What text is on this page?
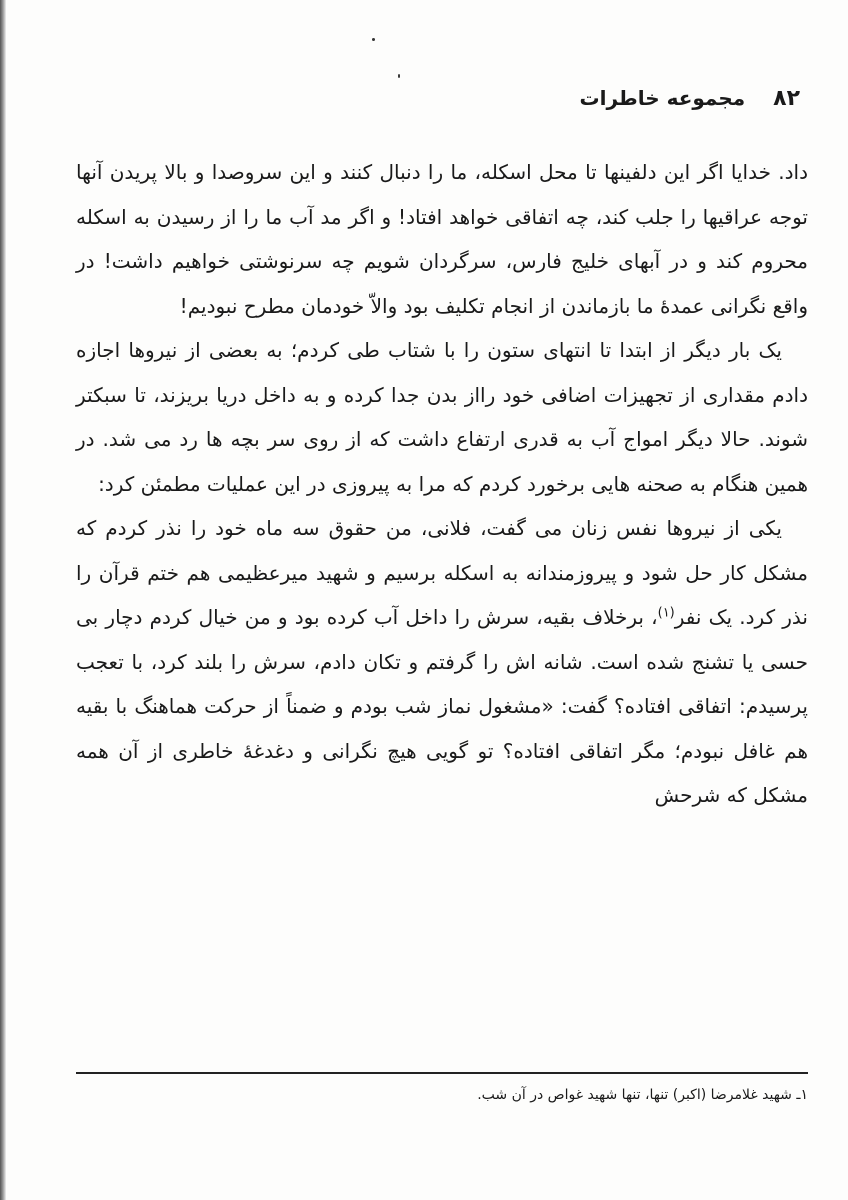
۸۲
مجموعه خاطرات

داد. خدایا اگر این دلفینها تا محل اسکله، ما را دنبال کنند و این سروصدا و بالا پریدن آنها توجه عراقیها را جلب کند، چه اتفاقی خواهد افتاد! و اگر مد آب ما را از رسیدن به اسکله محروم کند و در آبهای خلیج فارس، سرگردان شویم چه سرنوشتی خواهیم داشت! در واقع نگرانی عمدهٔ ما بازماندن از انجام تکلیف بود والاّ خودمان مطرح نبودیم!

یک بار دیگر از ابتدا تا انتهای ستون را با شتاب طی کردم؛ به بعضی از نیروها اجازه دادم مقداری از تجهیزات اضافی خود رااز بدن جدا کرده و به داخل دریا بریزند، تا سبکتر شوند. حالا دیگر امواج آب به قدری ارتفاع داشت که از روی سر بچه ها رد می شد. در همین هنگام به صحنه هایی برخورد کردم که مرا به پیروزی در این عملیات مطمئن کرد:

یکی از نیروها نفس زنان می گفت، فلانی، من حقوق سه ماه خود را نذر کردم که مشکل کار حل شود و پیروزمندانه به اسکله برسیم و شهید میرعظیمی هم ختم قرآن را نذر کرد. یک نفر$^{(۱)}$، برخلاف بقیه، سرش را داخل آب کرده بود و من خیال کردم دچار بی حسی یا تشنج شده است. شانه اش را گرفتم و تکان دادم، سرش را بلند کرد، با تعجب پرسیدم: اتفاقی افتاده؟ گفت: «مشغول نماز شب بودم و ضمناً از حرکت هماهنگ با بقیه هم غافل نبودم؛ مگر اتفاقی افتاده؟ تو گویی هیچ نگرانی و دغدغهٔ خاطری از آن همه مشکل که شرحش

۱ـ شهید غلامرضا (اکبر) تنها، تنها شهید غواص در آن شب.
